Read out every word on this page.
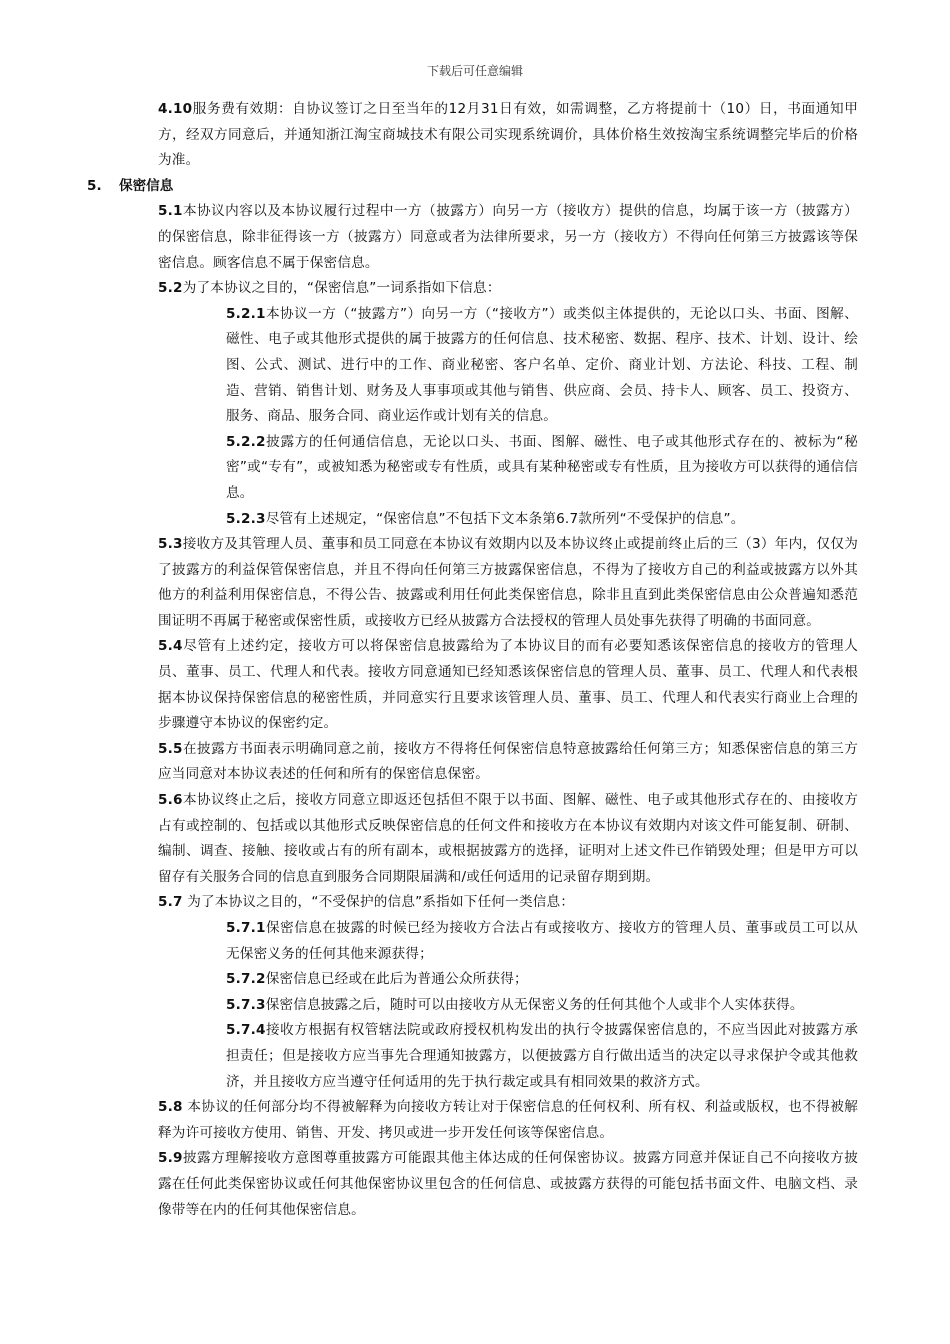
下载后可任意编辑
4.10服务费有效期：自协议签订之日至当年的12月31日有效，如需调整，乙方将提前十（10）日，书面通知甲方，经双方同意后，并通知浙江淘宝商城技术有限公司实现系统调价，具体价格生效按淘宝系统调整完毕后的价格为准。
5. 保密信息
5.1本协议内容以及本协议履行过程中一方（披露方）向另一方（接收方）提供的信息，均属于该一方（披露方）的保密信息，除非征得该一方（披露方）同意或者为法律所要求，另一方（接收方）不得向任何第三方披露该等保密信息。顾客信息不属于保密信息。
5.2为了本协议之目的，“保密信息”一词系指如下信息：
5.2.1本协议一方（“披露方”）向另一方（“接收方”）或类似主体提供的，无论以口头、书面、图解、磁性、电子或其他形式提供的属于披露方的任何信息、技术秘密、数据、程序、技术、计划、设计、绘图、公式、测试、进行中的工作、商业秘密、客户名单、定价、商业计划、方法论、科技、工程、制造、营销、销售计划、财务及人事事项或其他与销售、供应商、会员、持卡人、顾客、员工、投资方、服务、商品、服务合同、商业运作或计划有关的信息。
5.2.2披露方的任何通信信息，无论以口头、书面、图解、磁性、电子或其他形式存在的、被标为“秘密”或“专有”，或被知悉为秘密或专有性质，或具有某种秘密或专有性质，且为接收方可以获得的通信信息。
5.2.3尽管有上述规定，“保密信息”不包括下文本条第6.7款所列“不受保护的信息”。
5.3接收方及其管理人员、董事和员工同意在本协议有效期内以及本协议终止或提前终止后的三（3）年内，仅仅为了披露方的利益保管保密信息，并且不得向任何第三方披露保密信息，不得为了接收方自己的利益或披露方以外其他方的利益利用保密信息，不得公告、披露或利用任何此类保密信息，除非且直到此类保密信息由公众普遍知悉范围证明不再属于秘密或保密性质，或接收方已经从披露方合法授权的管理人员处事先获得了明确的书面同意。
5.4尽管有上述约定，接收方可以将保密信息披露给为了本协议目的而有必要知悉该保密信息的接收方的管理人员、董事、员工、代理人和代表。接收方同意通知已经知悉该保密信息的管理人员、董事、员工、代理人和代表根据本协议保持保密信息的秘密性质，并同意实行且要求该管理人员、董事、员工、代理人和代表实行商业上合理的步骤遵守本协议的保密约定。
5.5在披露方书面表示明确同意之前，接收方不得将任何保密信息特意披露给任何第三方；知悉保密信息的第三方应当同意对本协议表述的任何和所有的保密信息保密。
5.6本协议终止之后，接收方同意立即返还包括但不限于以书面、图解、磁性、电子或其他形式存在的、由接收方占有或控制的、包括或以其他形式反映保密信息的任何文件和接收方在本协议有效期内对该文件可能复制、研制、编制、调查、接触、接收或占有的所有副本，或根据披露方的选择，证明对上述文件已作销毁处理；但是甲方可以留存有关服务合同的信息直到服务合同期限届满和/或任何适用的记录留存期到期。
5.7 为了本协议之目的，“不受保护的信息”系指如下任何一类信息：
5.7.1保密信息在披露的时候已经为接收方合法占有或接收方、接收方的管理人员、董事或员工可以从无保密义务的任何其他来源获得；
5.7.2保密信息已经或在此后为普通公众所获得；
5.7.3保密信息披露之后，随时可以由接收方从无保密义务的任何其他个人或非个人实体获得。
5.7.4接收方根据有权管辖法院或政府授权机构发出的执行令披露保密信息的，不应当因此对披露方承担责任；但是接收方应当事先合理通知披露方，以便披露方自行做出适当的决定以寻求保护令或其他救济，并且接收方应当遵守任何适用的先于执行裁定或具有相同效果的救济方式。
5.8 本协议的任何部分均不得被解释为向接收方转让对于保密信息的任何权利、所有权、利益或版权，也不得被解释为许可接收方使用、销售、开发、拷贝或进一步开发任何该等保密信息。
5.9披露方理解接收方意图尊重披露方可能跟其他主体达成的任何保密协议。披露方同意并保证自己不向接收方披露在任何此类保密协议或任何其他保密协议里包含的任何信息、或披露方获得的可能包括书面文件、电脑文档、录像带等在内的任何其他保密信息。
